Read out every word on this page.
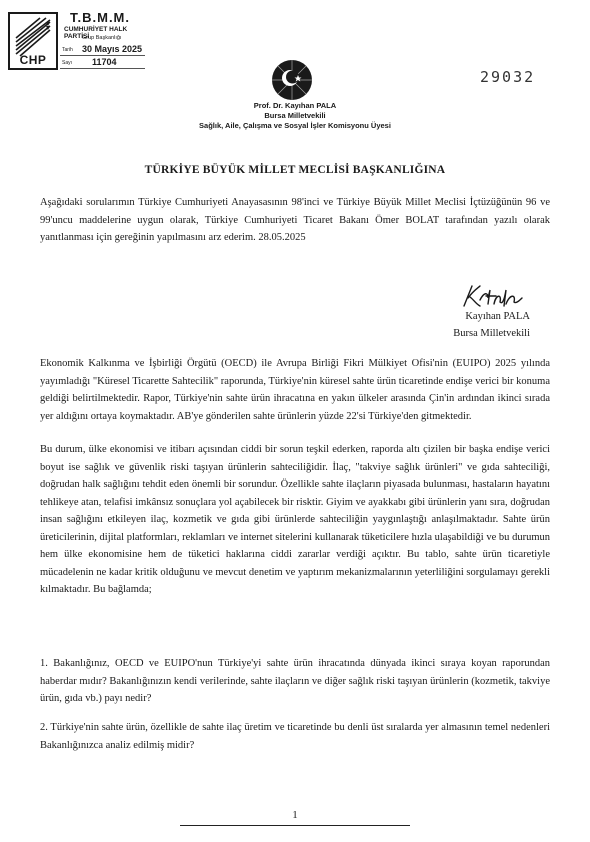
CHP
T.B.M.M.
CUMHURİYET HALK PARTİSİ
Grup Başkanlığı
Tarih 30 Mayıs 2025
Sayı 11704
29032
Prof. Dr. Kayıhan PALA
Bursa Milletvekili
Sağlık, Aile, Çalışma ve Sosyal İşler Komisyonu Üyesi
TÜRKİYE BÜYÜK MİLLET MECLİSİ BAŞKANLIĞINA

Aşağıdaki sorularımın Türkiye Cumhuriyeti Anayasasının 98'inci ve Türkiye Büyük Millet Meclisi İçtüzüğünün 96 ve 99'uncu maddelerine uygun olarak, Türkiye Cumhuriyeti Ticaret Bakanı Ömer BOLAT tarafından yazılı olarak yanıtlanması için gereğinin yapılmasını arz ederim. 28.05.2025

Kayıhan PALA
Bursa Milletvekili

Ekonomik Kalkınma ve İşbirliği Örgütü (OECD) ile Avrupa Birliği Fikri Mülkiyet Ofisi'nin (EUIPO) 2025 yılında yayımladığı "Küresel Ticarette Sahtecilik" raporunda, Türkiye'nin küresel sahte ürün ticaretinde endişe verici bir konuma geldiği belirtilmektedir. Rapor, Türkiye'nin sahte ürün ihracatına en yakın ülkeler arasında Çin'in ardından ikinci sırada yer aldığını ortaya koymaktadır. AB'ye gönderilen sahte ürünlerin yüzde 22'si Türkiye'den gitmektedir.

Bu durum, ülke ekonomisi ve itibarı açısından ciddi bir sorun teşkil ederken, raporda altı çizilen bir başka endişe verici boyut ise sağlık ve güvenlik riski taşıyan ürünlerin sahteciliğidir. İlaç, "takviye sağlık ürünleri" ve gıda sahteciliği, doğrudan halk sağlığını tehdit eden önemli bir sorundur. Özellikle sahte ilaçların piyasada bulunması, hastaların hayatını tehlikeye atan, telafisi imkânsız sonuçlara yol açabilecek bir risktir. Giyim ve ayakkabı gibi ürünlerin yanı sıra, doğrudan insan sağlığını etkileyen ilaç, kozmetik ve gıda gibi ürünlerde sahteciliğin yaygınlaştığı anlaşılmaktadır. Sahte ürün üreticilerinin, dijital platformları, reklamları ve internet sitelerini kullanarak tüketicilere hızla ulaşabildiği ve bu durumun hem ülke ekonomisine hem de tüketici haklarına ciddi zararlar verdiği açıktır. Bu tablo, sahte ürün ticaretiyle mücadelenin ne kadar kritik olduğunu ve mevcut denetim ve yaptırım mekanizmalarının yeterliliğini sorgulamayı gerekli kılmaktadır. Bu bağlamda;

1. Bakanlığınız, OECD ve EUIPO'nun Türkiye'yi sahte ürün ihracatında dünyada ikinci sıraya koyan raporundan haberdar mıdır? Bakanlığınızın kendi verilerinde, sahte ilaçların ve diğer sağlık riski taşıyan ürünlerin (kozmetik, takviye ürün, gıda vb.) payı nedir?

2. Türkiye'nin sahte ürün, özellikle de sahte ilaç üretim ve ticaretinde bu denli üst sıralarda yer almasının temel nedenleri Bakanlığınızca analiz edilmiş midir?

1
